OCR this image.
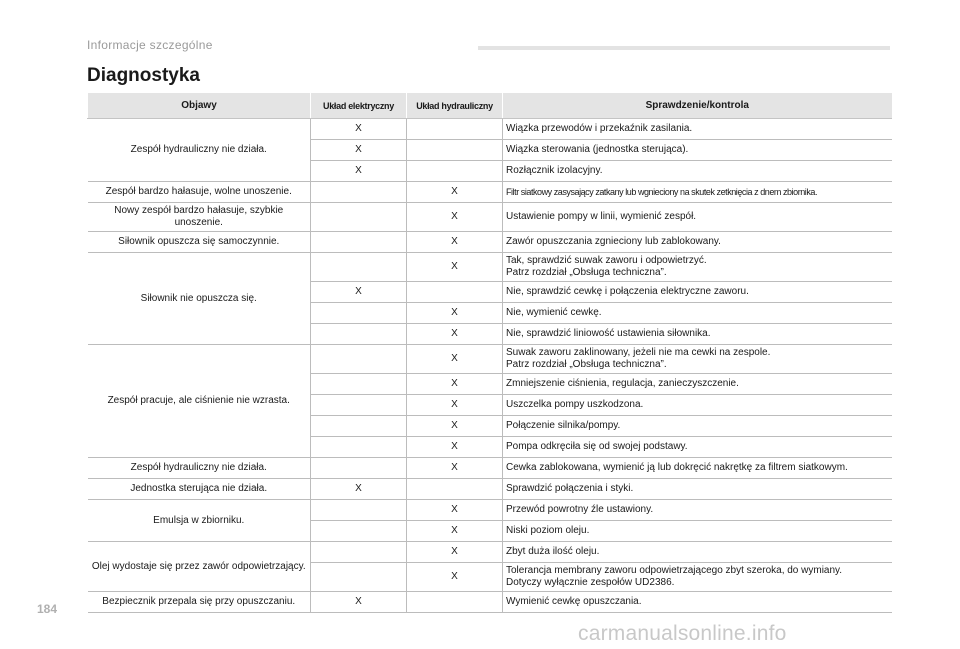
Informacje szczególne
Diagnostyka
Objawy	Układ elektryczny	Układ hydrauliczny	Sprawdzenie/kontrola
Zespół hydrauliczny nie działa.	X		Wiązka przewodów i przekaźnik zasilania.

	X		Wiązka sterowania (jednostka sterująca).

	X		Rozłącznik izolacyjny.

Zespół bardzo hałasuje, wolne unoszenie.		X	Filtr siatkowy zasysający zatkany lub wgnieciony na skutek zetknięcia z dnem zbiornika.

Nowy zespół bardzo hałasuje, szybkie unoszenie.		X	Ustawienie pompy w linii, wymienić zespół.

Siłownik opuszcza się samoczynnie.		X	Zawór opuszczania zgnieciony lub zablokowany.

Siłownik nie opuszcza się.		X	Tak, sprawdzić suwak zaworu i odpowietrzyć.
Patrz rozdział „Obsługa techniczna”.

	X		Nie, sprawdzić cewkę i połączenia elektryczne zaworu.

		X	Nie, wymienić cewkę.

		X	Nie, sprawdzić liniowość ustawienia siłownika.

Zespół pracuje, ale ciśnienie nie wzrasta.		X	Suwak zaworu zaklinowany, jeżeli nie ma cewki na zespole.
Patrz rozdział „Obsługa techniczna”.

		X	Zmniejszenie ciśnienia, regulacja, zanieczyszczenie.

		X	Uszczelka pompy uszkodzona.

		X	Połączenie silnika/pompy.

		X	Pompa odkręciła się od swojej podstawy.

Zespół hydrauliczny nie działa.		X	Cewka zablokowana, wymienić ją lub dokręcić nakrętkę za filtrem siatkowym.

Jednostka sterująca nie działa.	X		Sprawdzić połączenia i styki.

Emulsja w zbiorniku.		X	Przewód powrotny źle ustawiony.

		X	Niski poziom oleju.

Olej wydostaje się przez zawór odpowietrzający.		X	Zbyt duża ilość oleju.

		X	Tolerancja membrany zaworu odpowietrzającego zbyt szeroka, do wymiany.
Dotyczy wyłącznie zespołów UD2386.

Bezpiecznik przepala się przy opuszczaniu.	X		Wymienić cewkę opuszczania.
184
carmanualsonline.info
